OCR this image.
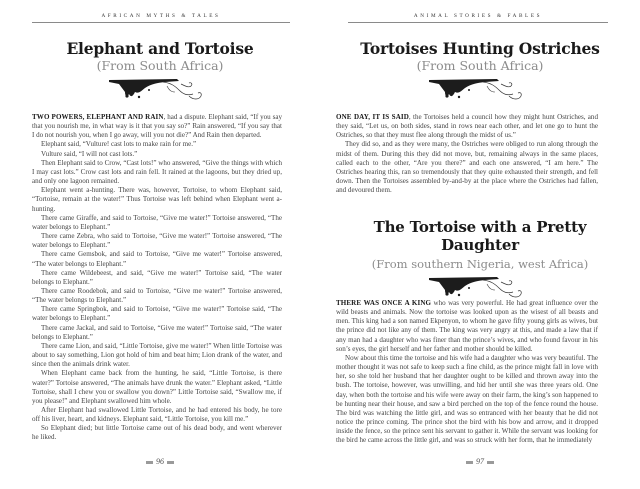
AFRICAN MYTHS & TALES
Elephant and Tortoise
(From South Africa)

TWO POWERS, ELEPHANT AND RAIN, had a dispute. Elephant said, “If you say that you nourish me, in what way is it that you say so?” Rain answered, “If you say that I do not nourish you, when I go away, will you not die?” And Rain then departed.

Elephant said, “Vulture! cast lots to make rain for me.”

Vulture said, “I will not cast lots.”

Then Elephant said to Crow, “Cast lots!” who answered, “Give the things with which I may cast lots.” Crow cast lots and rain fell. It rained at the lagoons, but they dried up, and only one lagoon remained.

Elephant went a-hunting. There was, however, Tortoise, to whom Elephant said, “Tortoise, remain at the water!” Thus Tortoise was left behind when Elephant went a-hunting.

There came Giraffe, and said to Tortoise, “Give me water!” Tortoise answered, “The water belongs to Elephant.”

There came Zebra, who said to Tortoise, “Give me water!” Tortoise answered, “The water belongs to Elephant.”

There came Gemsbok, and said to Tortoise, “Give me water!” Tortoise answered, “The water belongs to Elephant.”

There came Wildebeest, and said, “Give me water!” Tortoise said, “The water belongs to Elephant.”

There came Roodebok, and said to Tortoise, “Give me water!” Tortoise answered, “The water belongs to Elephant.”

There came Springbok, and said to Tortoise, “Give me water!” Tortoise said, “The water belongs to Elephant.”

There came Jackal, and said to Tortoise, “Give me water!” Tortoise said, “The water belongs to Elephant.”

There came Lion, and said, “Little Tortoise, give me water!” When little Tortoise was about to say something, Lion got hold of him and beat him; Lion drank of the water, and since then the animals drink water.

When Elephant came back from the hunting, he said, “Little Tortoise, is there water?” Tortoise answered, “The animals have drunk the water.” Elephant asked, “Little Tortoise, shall I chew you or swallow you down?” Little Tortoise said, “Swallow me, if you please!” and Elephant swallowed him whole.

After Elephant had swallowed Little Tortoise, and he had entered his body, he tore off his liver, heart, and kidneys. Elephant said, “Little Tortoise, you kill me.”

So Elephant died; but little Tortoise came out of his dead body, and went wherever he liked.

96
ANIMAL STORIES & FABLES
Tortoises Hunting Ostriches
(From South Africa)

ONE DAY, IT IS SAID, the Tortoises held a council how they might hunt Ostriches, and they said, “Let us, on both sides, stand in rows near each other, and let one go to hunt the Ostriches, so that they must flee along through the midst of us.”

They did so, and as they were many, the Ostriches were obliged to run along through the midst of them. During this they did not move, but, remaining always in the same places, called each to the other, “Are you there?” and each one answered, “I am here.” The Ostriches hearing this, ran so tremendously that they quite exhausted their strength, and fell down. Then the Tortoises assembled by-and-by at the place where the Ostriches had fallen, and devoured them.

The Tortoise with a Pretty
Daughter
(From southern Nigeria, west Africa)

THERE WAS ONCE A KING who was very powerful. He had great influence over the wild beasts and animals. Now the tortoise was looked upon as the wisest of all beasts and men. This king had a son named Ekpenyon, to whom he gave fifty young girls as wives, but the prince did not like any of them. The king was very angry at this, and made a law that if any man had a daughter who was finer than the prince’s wives, and who found favour in his son’s eyes, the girl herself and her father and mother should be killed.

Now about this time the tortoise and his wife had a daughter who was very beautiful. The mother thought it was not safe to keep such a fine child, as the prince might fall in love with her, so she told her husband that her daughter ought to be killed and thrown away into the bush. The tortoise, however, was unwilling, and hid her until she was three years old. One day, when both the tortoise and his wife were away on their farm, the king’s son happened to be hunting near their house, and saw a bird perched on the top of the fence round the house. The bird was watching the little girl, and was so entranced with her beauty that he did not notice the prince coming. The prince shot the bird with his bow and arrow, and it dropped inside the fence, so the prince sent his servant to gather it. While the servant was looking for the bird he came across the little girl, and was so struck with her form, that he immediately

97
